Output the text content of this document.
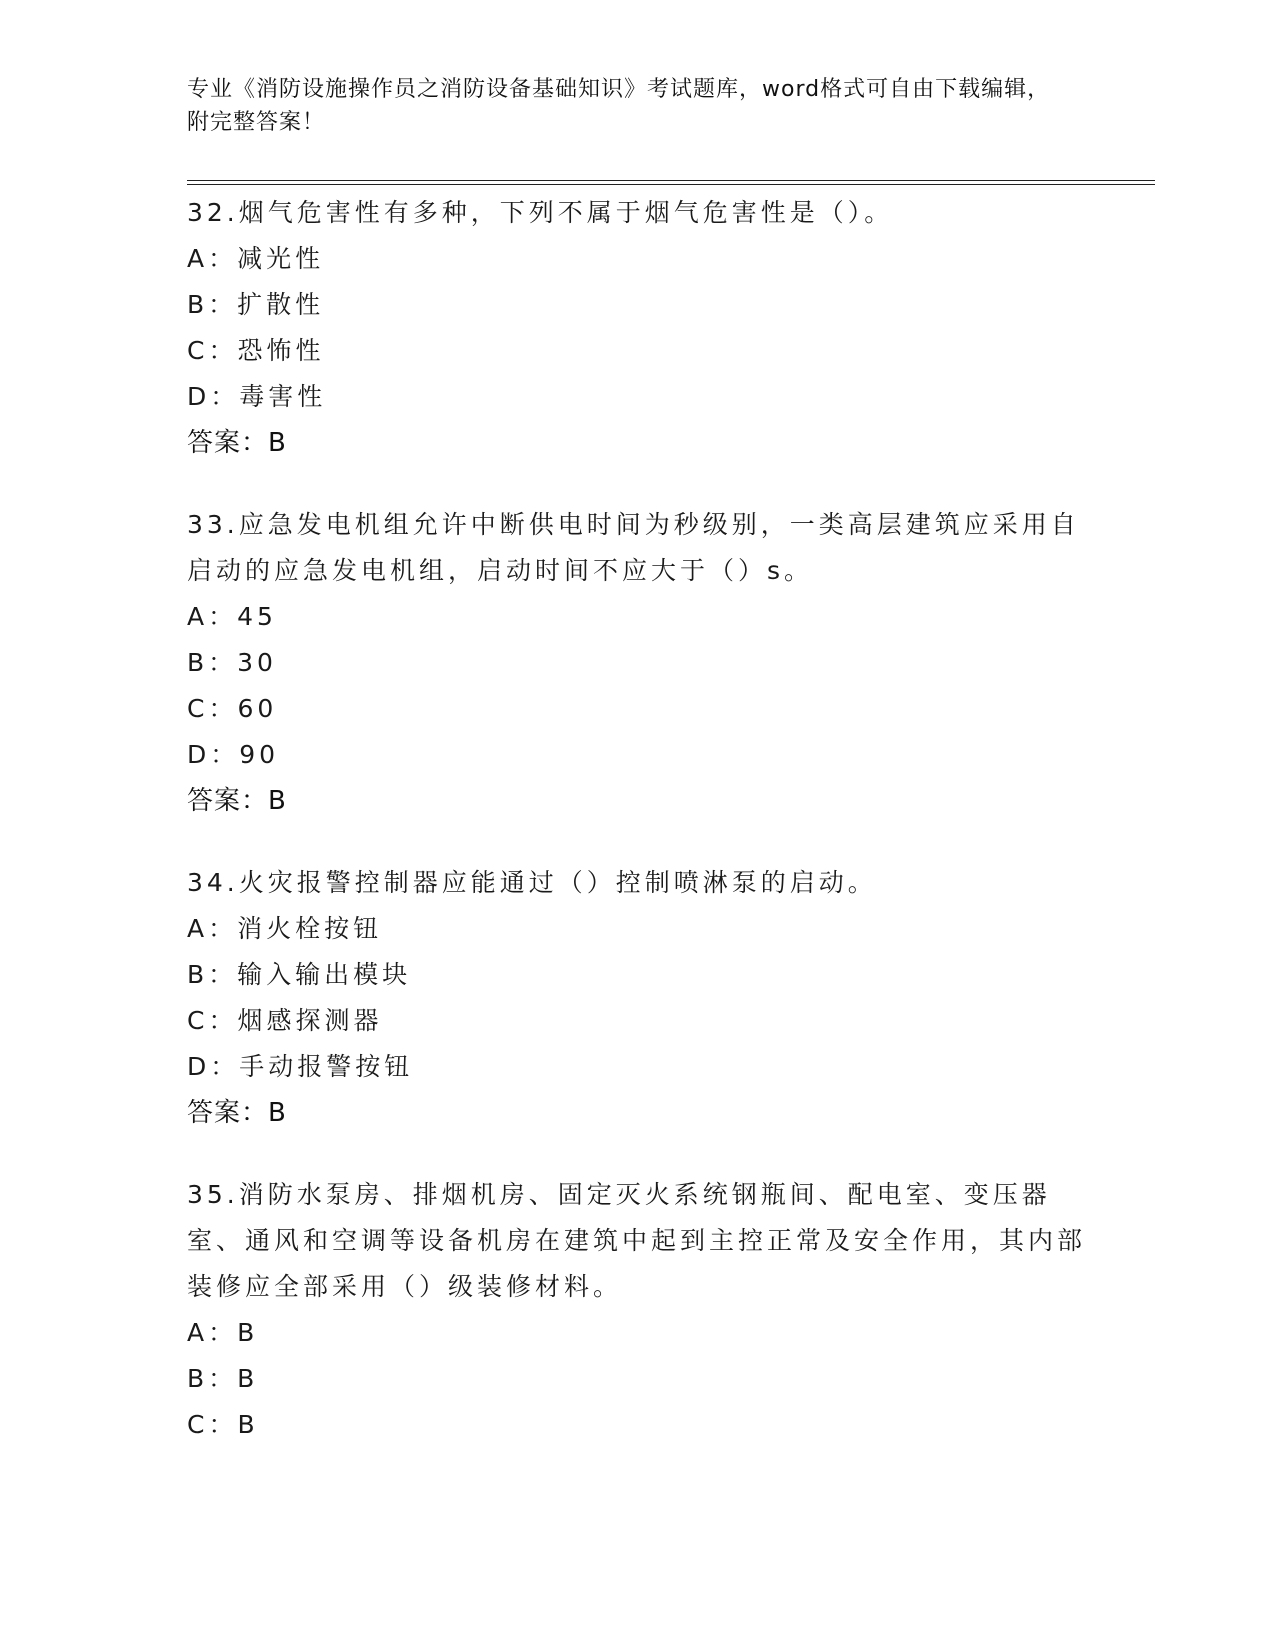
专业《消防设施操作员之消防设备基础知识》考试题库，word格式可自由下载编辑，附完整答案！
32.烟气危害性有多种，下列不属于烟气危害性是（）。
A：减光性
B：扩散性
C：恐怖性
D：毒害性
答案：B
33.应急发电机组允许中断供电时间为秒级别，一类高层建筑应采用自启动的应急发电机组，启动时间不应大于（）s。
A：45
B：30
C：60
D：90
答案：B
34.火灾报警控制器应能通过（）控制喷淋泵的启动。
A：消火栓按钮
B：输入输出模块
C：烟感探测器
D：手动报警按钮
答案：B
35.消防水泵房、排烟机房、固定灭火系统钢瓶间、配电室、变压器室、通风和空调等设备机房在建筑中起到主控正常及安全作用，其内部装修应全部采用（）级装修材料。
A：B
B：B
C：B
